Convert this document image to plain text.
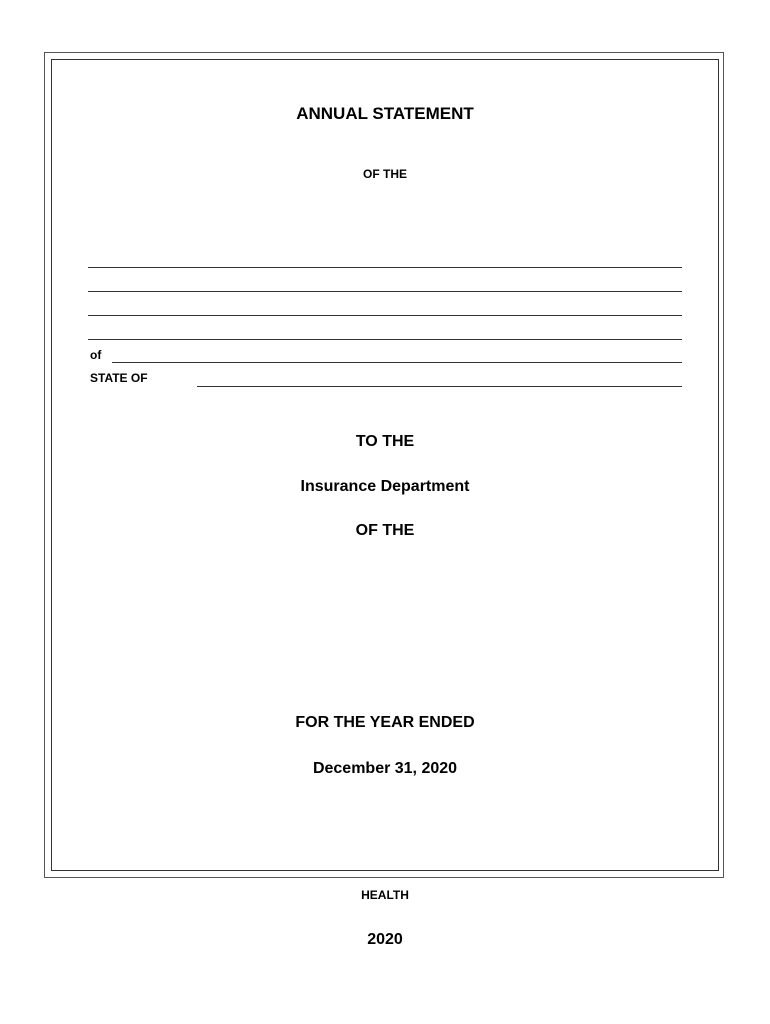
ANNUAL STATEMENT
OF THE
of
STATE OF
TO THE
Insurance Department
OF THE
FOR THE YEAR ENDED
December 31, 2020
HEALTH
2020
